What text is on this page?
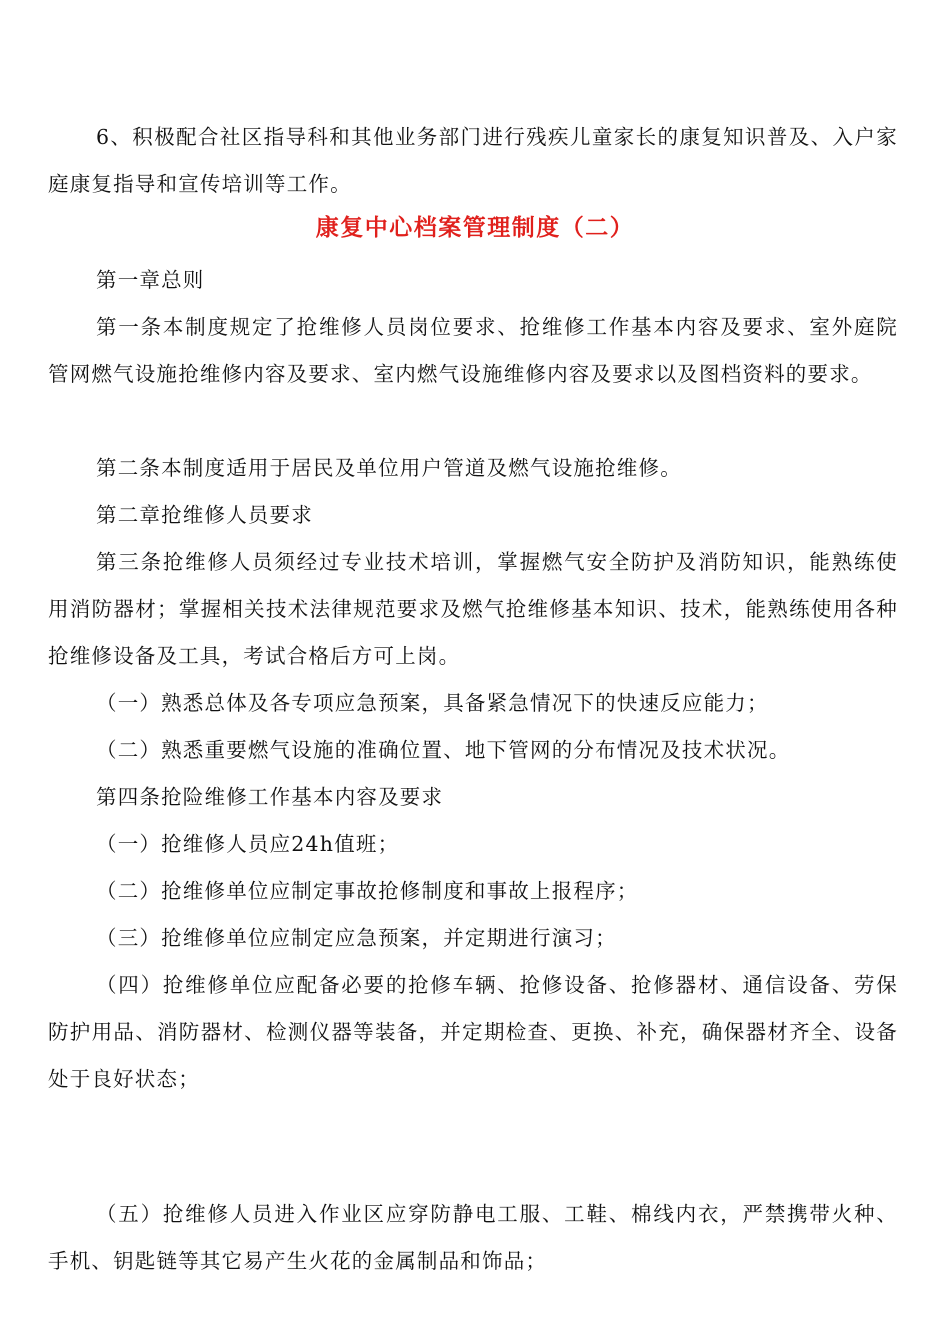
6、积极配合社区指导科和其他业务部门进行残疾儿童家长的康复知识普及、入户家庭康复指导和宣传培训等工作。

康复中心档案管理制度（二）

第一章总则

第一条本制度规定了抢维修人员岗位要求、抢维修工作基本内容及要求、室外庭院管网燃气设施抢维修内容及要求、室内燃气设施维修内容及要求以及图档资料的要求。

第二条本制度适用于居民及单位用户管道及燃气设施抢维修。

第二章抢维修人员要求

第三条抢维修人员须经过专业技术培训，掌握燃气安全防护及消防知识，能熟练使用消防器材；掌握相关技术法律规范要求及燃气抢维修基本知识、技术，能熟练使用各种抢维修设备及工具，考试合格后方可上岗。

（一）熟悉总体及各专项应急预案，具备紧急情况下的快速反应能力；

（二）熟悉重要燃气设施的准确位置、地下管网的分布情况及技术状况。

第四条抢险维修工作基本内容及要求

（一）抢维修人员应24h值班；

（二）抢维修单位应制定事故抢修制度和事故上报程序；

（三）抢维修单位应制定应急预案，并定期进行演习；

（四）抢维修单位应配备必要的抢修车辆、抢修设备、抢修器材、通信设备、劳保防护用品、消防器材、检测仪器等装备，并定期检查、更换、补充，确保器材齐全、设备处于良好状态；

（五）抢维修人员进入作业区应穿防静电工服、工鞋、棉线内衣，严禁携带火种、手机、钥匙链等其它易产生火花的金属制品和饰品；
